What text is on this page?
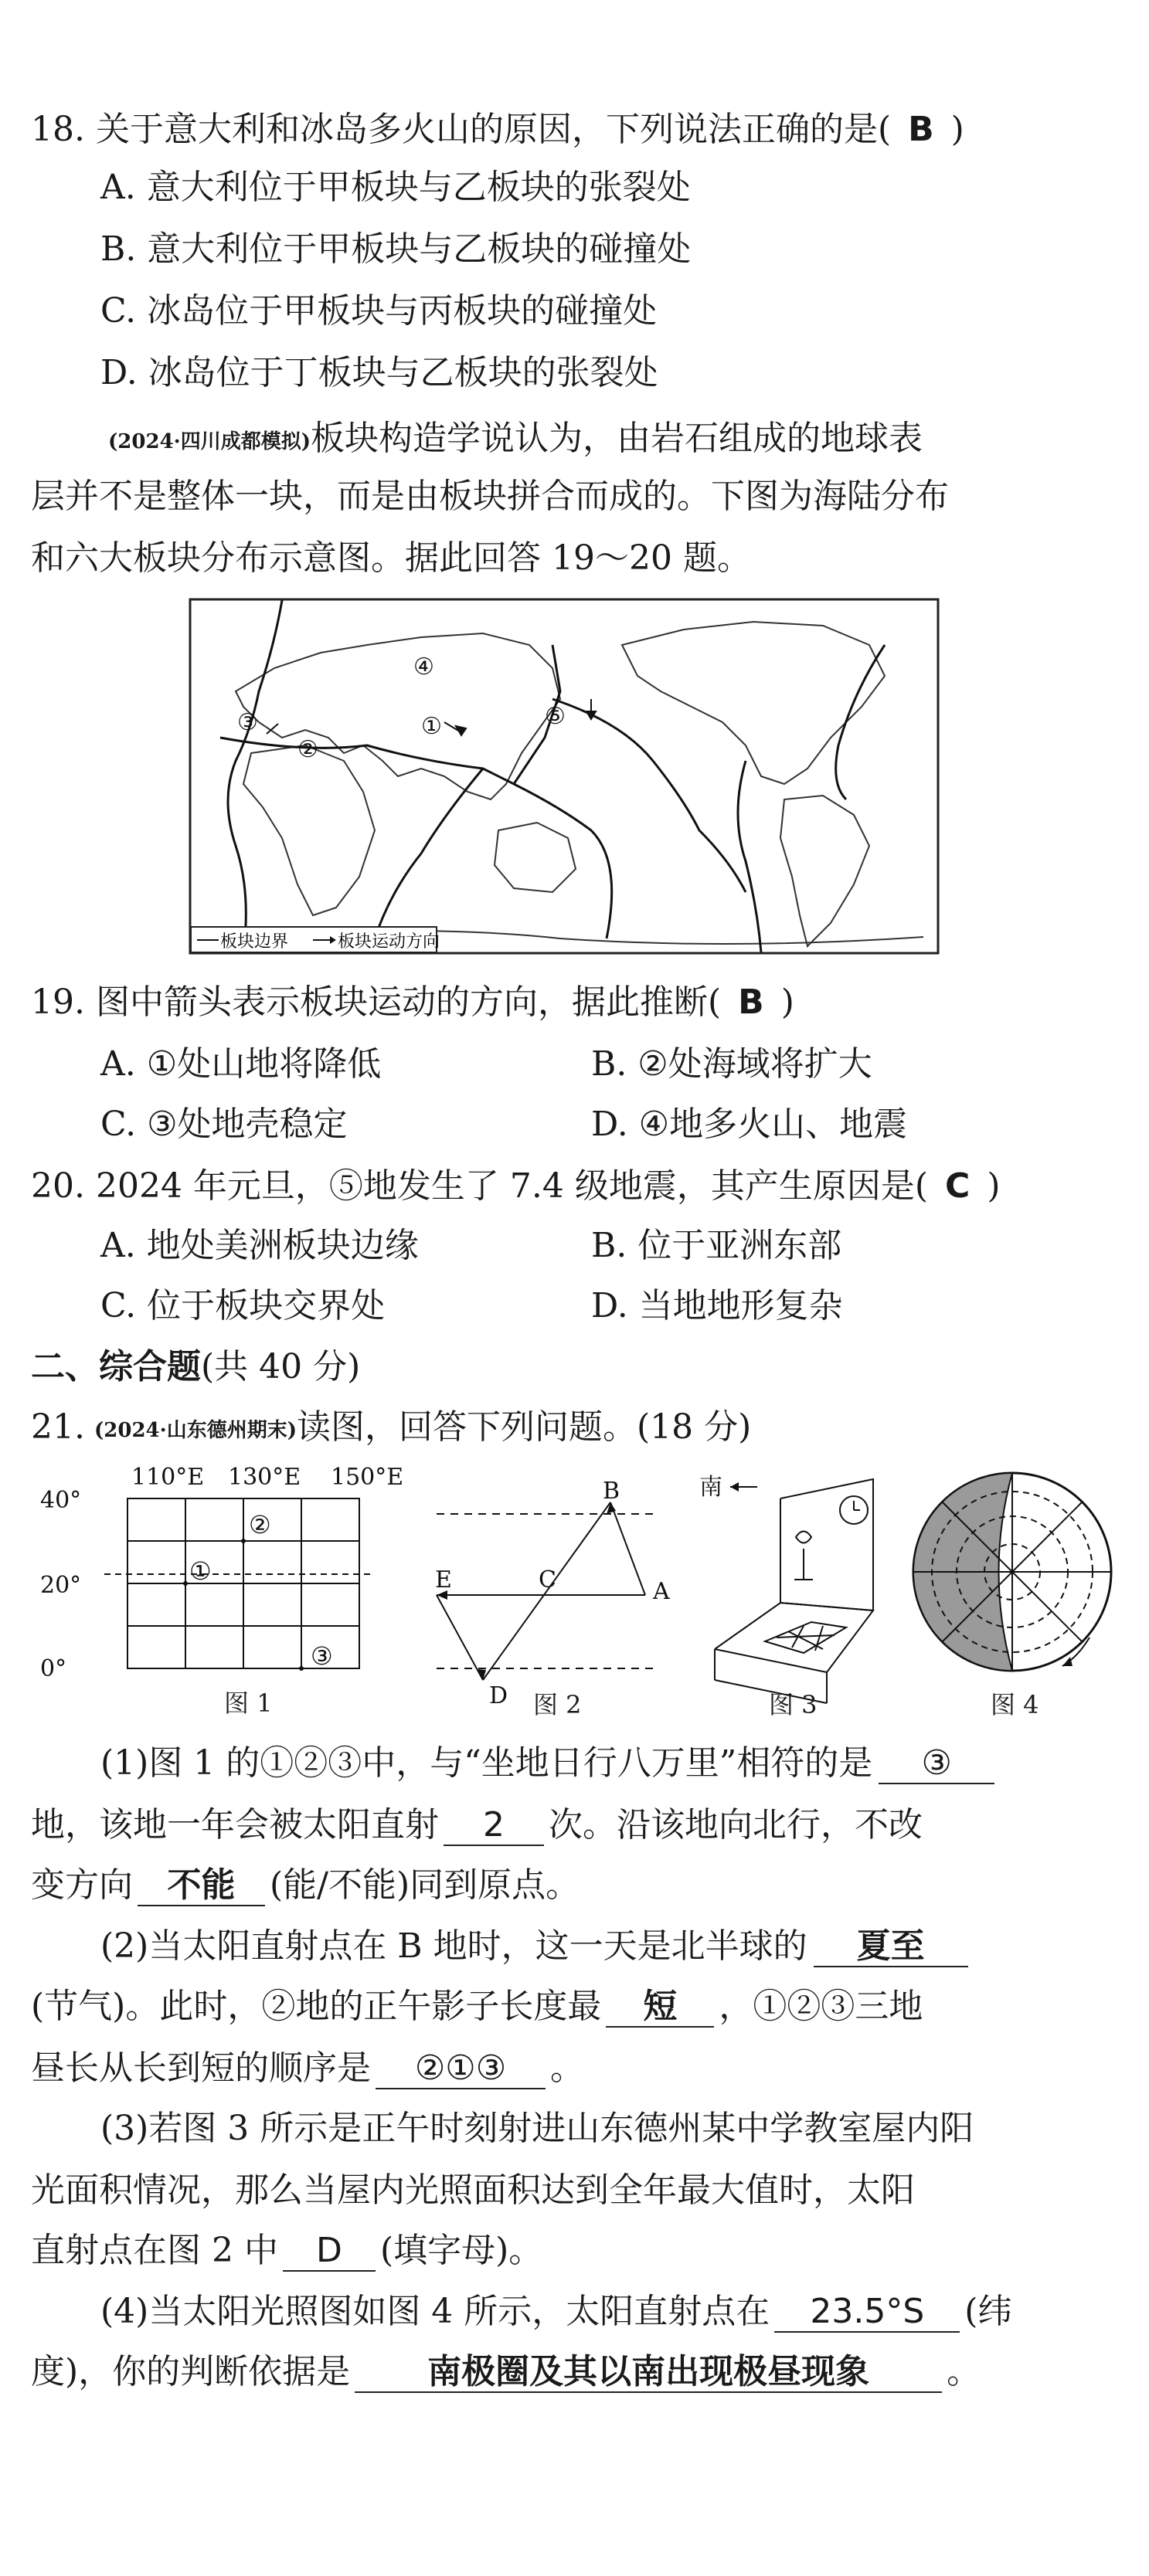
18. 关于意大利和冰岛多火山的原因，下列说法正确的是( B )
A. 意大利位于甲板块与乙板块的张裂处
B. 意大利位于甲板块与乙板块的碰撞处
C. 冰岛位于甲板块与丙板块的碰撞处
D. 冰岛位于丁板块与乙板块的张裂处
(2024·四川成都模拟)板块构造学说认为，由岩石组成的地球表
层并不是整体一块，而是由板块拼合而成的。下图为海陆分布
和六大板块分布示意图。据此回答 19～20 题。
①
②
③
④
⑤
板块边界	板块运动方向
19. 图中箭头表示板块运动的方向，据此推断( B )
A. ①处山地将降低	B. ②处海域将扩大
C. ③处地壳稳定	D. ④地多火山、地震
20. 2024 年元旦，⑤地发生了 7.4 级地震，其产生原因是( C )
A. 地处美洲板块边缘	B. 位于亚洲东部
C. 位于板块交界处	D. 当地地形复杂
二、综合题(共 40 分)
21. (2024·山东德州期末)读图，回答下列问题。(18 分)
110°E 130°E 150°E
40°
20°
0°
①
②
③
图 1
B
A
C
E
D 图 2
南
图 3	图 4
(1)图 1 的①②③中，与“坐地日行八万里”相符的是 ③
地，该地一年会被太阳直射 2 次。沿该地向北行，不改
变方向 不能 (能/不能)同到原点。
(2)当太阳直射点在 B 地时，这一天是北半球的 夏至
(节气)。此时，②地的正午影子长度最 短 ，①②③三地
昼长从长到短的顺序是 ②①③ 。
(3)若图 3 所示是正午时刻射进山东德州某中学教室屋内阳
光面积情况，那么当屋内光照面积达到全年最大值时，太阳
直射点在图 2 中 D (填字母)。
(4)当太阳光照图如图 4 所示，太阳直射点在 23.5°S (纬
度)，你的判断依据是 南极圈及其以南出现极昼现象 。
